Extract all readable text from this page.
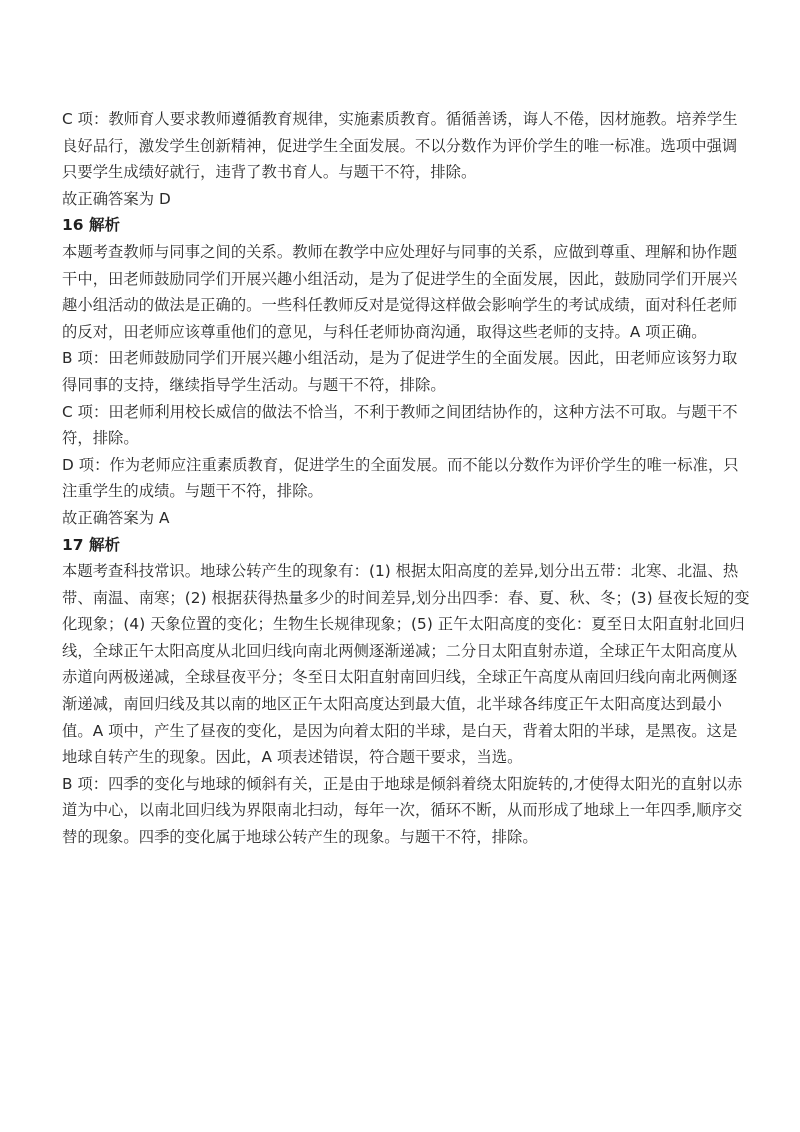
C 项：教师育人要求教师遵循教育规律，实施素质教育。循循善诱，诲人不倦，因材施教。培养学生良好品行，激发学生创新精神，促进学生全面发展。不以分数作为评价学生的唯一标准。选项中强调只要学生成绩好就行，违背了教书育人。与题干不符，排除。

故正确答案为 D

16 解析

本题考查教师与同事之间的关系。教师在教学中应处理好与同事的关系，应做到尊重、理解和协作题干中，田老师鼓励同学们开展兴趣小组活动，是为了促进学生的全面发展，因此，鼓励同学们开展兴趣小组活动的做法是正确的。一些科任教师反对是觉得这样做会影响学生的考试成绩，面对科任老师的反对，田老师应该尊重他们的意见，与科任老师协商沟通，取得这些老师的支持。A 项正确。

B 项：田老师鼓励同学们开展兴趣小组活动，是为了促进学生的全面发展。因此，田老师应该努力取得同事的支持，继续指导学生活动。与题干不符，排除。

C 项：田老师利用校长威信的做法不恰当，不利于教师之间团结协作的，这种方法不可取。与题干不符，排除。

D 项：作为老师应注重素质教育，促进学生的全面发展。而不能以分数作为评价学生的唯一标准，只注重学生的成绩。与题干不符，排除。

故正确答案为 A

17 解析

本题考查科技常识。地球公转产生的现象有：(1) 根据太阳高度的差异,划分出五带：北寒、北温、热带、南温、南寒；(2) 根据获得热量多少的时间差异,划分出四季：春、夏、秋、冬；(3) 昼夜长短的变化现象；(4) 天象位置的变化；生物生长规律现象；(5) 正午太阳高度的变化：夏至日太阳直射北回归线，全球正午太阳高度从北回归线向南北两侧逐渐递减；二分日太阳直射赤道，全球正午太阳高度从赤道向两极递减，全球昼夜平分；冬至日太阳直射南回归线，全球正午高度从南回归线向南北两侧逐渐递减，南回归线及其以南的地区正午太阳高度达到最大值，北半球各纬度正午太阳高度达到最小值。A 项中，产生了昼夜的变化，是因为向着太阳的半球，是白天，背着太阳的半球，是黑夜。这是地球自转产生的现象。因此，A 项表述错误，符合题干要求，当选。

B 项：四季的变化与地球的倾斜有关，正是由于地球是倾斜着绕太阳旋转的,才使得太阳光的直射以赤道为中心，以南北回归线为界限南北扫动，每年一次，循环不断，从而形成了地球上一年四季,顺序交替的现象。四季的变化属于地球公转产生的现象。与题干不符，排除。
